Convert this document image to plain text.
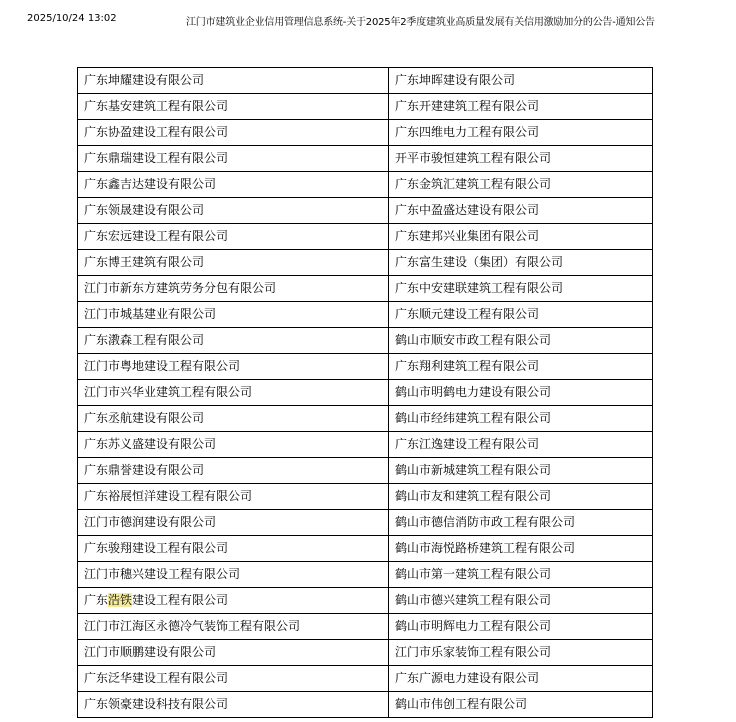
2025/10/24 13:02	江门市建筑业企业信用管理信息系统-关于2025年2季度建筑业高质量发展有关信用激励加分的公告-通知公告
广东坤耀建设有限公司	广东坤晖建设有限公司
广东基安建筑工程有限公司	广东开建建筑工程有限公司
广东协盈建设工程有限公司	广东四维电力工程有限公司
广东鼎瑞建设工程有限公司	开平市骏恒建筑工程有限公司
广东鑫吉达建设有限公司	广东金筑汇建筑工程有限公司
广东领晟建设有限公司	广东中盈盛达建设有限公司
广东宏远建设工程有限公司	广东建邦兴业集团有限公司
广东博王建筑有限公司	广东富生建设（集团）有限公司
江门市新东方建筑劳务分包有限公司	广东中安建联建筑工程有限公司
江门市城基建业有限公司	广东顺元建设工程有限公司
广东漖森工程有限公司	鹤山市顺安市政工程有限公司
江门市粤地建设工程有限公司	广东翔利建筑工程有限公司
江门市兴华业建筑工程有限公司	鹤山市明鹤电力建设有限公司
广东丞航建设有限公司	鹤山市经纬建筑工程有限公司
广东苏义盛建设有限公司	广东江逸建设工程有限公司
广东鼎誉建设有限公司	鹤山市新城建筑工程有限公司
广东裕展恒洋建设工程有限公司	鹤山市友和建筑工程有限公司
江门市德润建设有限公司	鹤山市德信消防市政工程有限公司
广东骏翔建设工程有限公司	鹤山市海悦路桥建筑工程有限公司
江门市穗兴建设工程有限公司	鹤山市第一建筑工程有限公司
广东浩铁建设工程有限公司	鹤山市德兴建筑工程有限公司
江门市江海区永德冷气装饰工程有限公司	鹤山市明辉电力工程有限公司
江门市顺鹏建设有限公司	江门市乐家装饰工程有限公司
广东泛华建设工程有限公司	广东广源电力建设有限公司
广东领豪建设科技有限公司	鹤山市伟创工程有限公司
